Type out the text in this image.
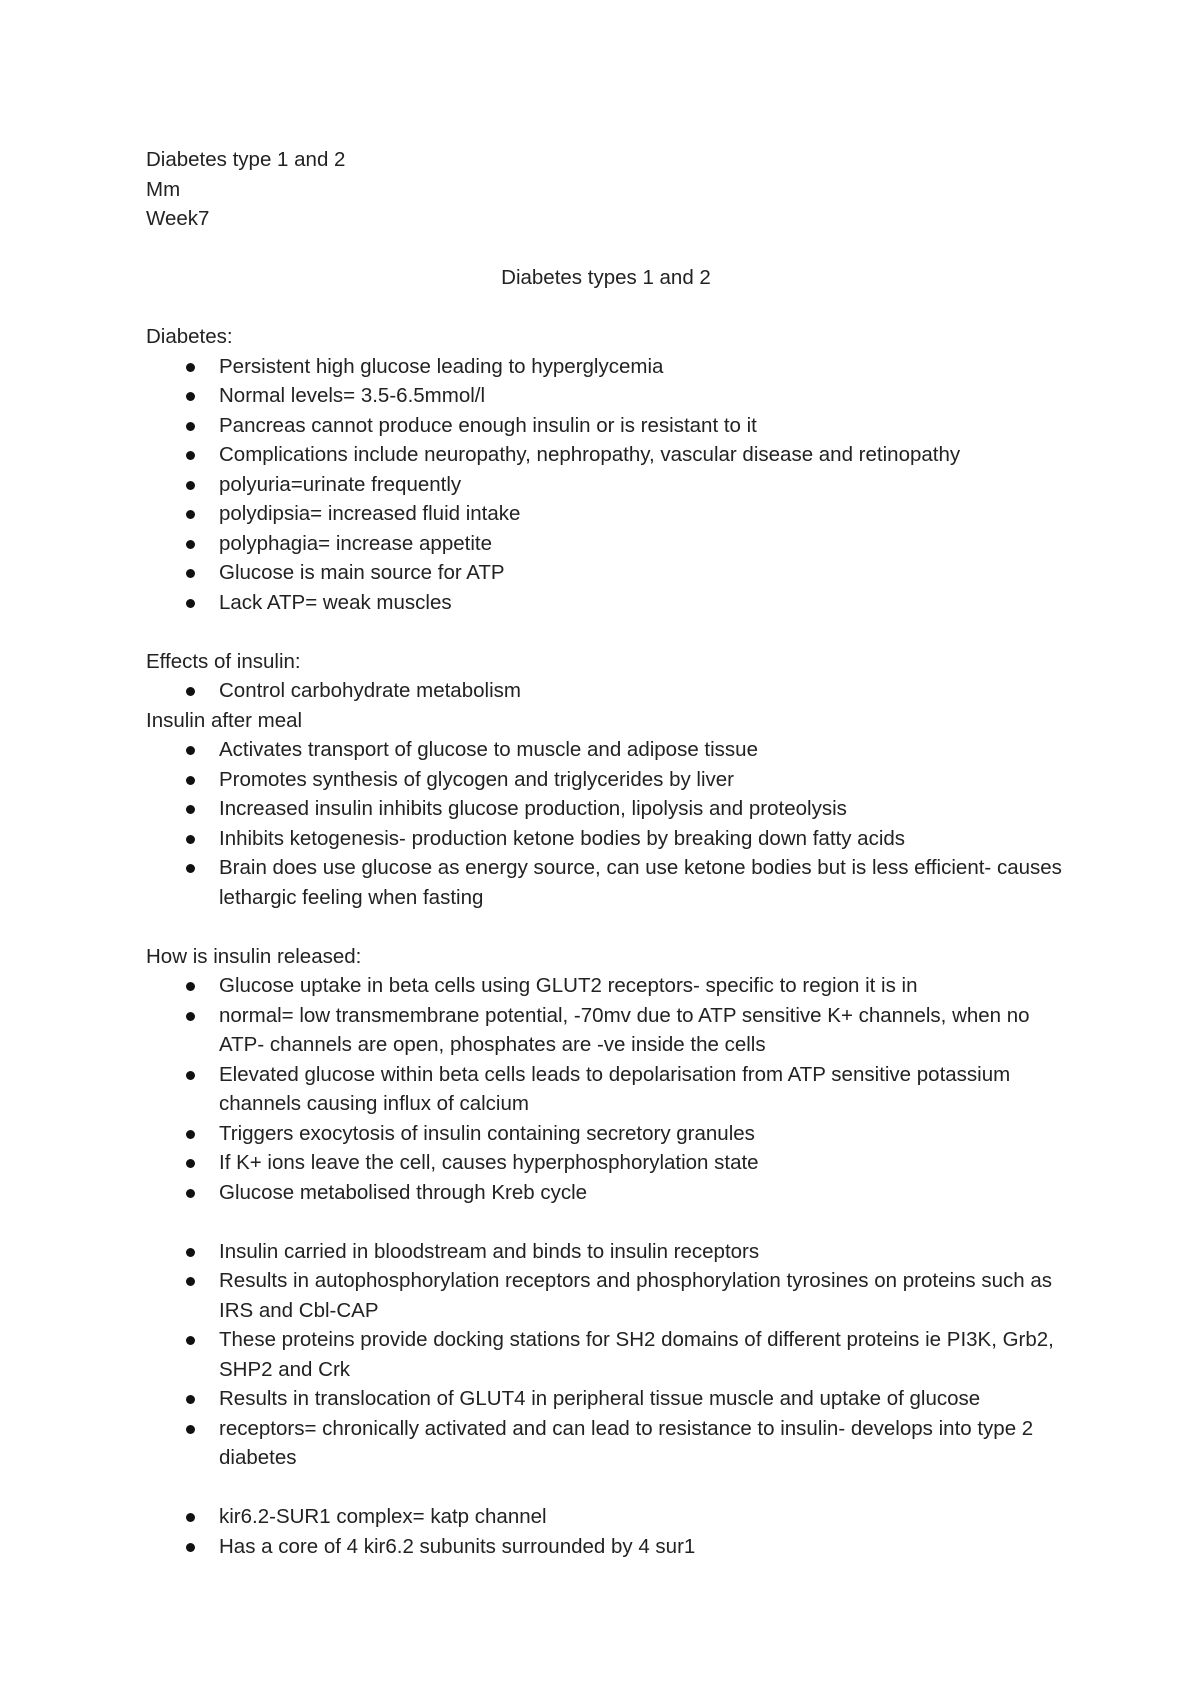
Diabetes type 1 and 2

Mm

Week7

Diabetes types 1 and 2

Diabetes:

Persistent high glucose leading to hyperglycemia
Normal levels= 3.5-6.5mmol/l
Pancreas cannot produce enough insulin or is resistant to it
Complications include neuropathy, nephropathy, vascular disease and retinopathy
polyuria=urinate frequently
polydipsia= increased fluid intake
polyphagia= increase appetite
Glucose is main source for ATP
Lack ATP= weak muscles

Effects of insulin:

Control carbohydrate metabolism

Insulin after meal

Activates transport of glucose to muscle and adipose tissue
Promotes synthesis of glycogen and triglycerides by liver
Increased insulin inhibits glucose production, lipolysis and proteolysis
Inhibits ketogenesis- production ketone bodies by breaking down fatty acids
Brain does use glucose as energy source, can use ketone bodies but is less efficient- causes lethargic feeling when fasting

How is insulin released:

Glucose uptake in beta cells using GLUT2 receptors- specific to region it is in
normal= low transmembrane potential, -70mv due to ATP sensitive K+ channels, when no ATP- channels are open, phosphates are -ve inside the cells
Elevated glucose within beta cells leads to depolarisation from ATP sensitive potassium channels causing influx of calcium
Triggers exocytosis of insulin containing secretory granules
If K+ ions leave the cell, causes hyperphosphorylation state
Glucose metabolised through Kreb cycle
Insulin carried in bloodstream and binds to insulin receptors
Results in autophosphorylation receptors and phosphorylation tyrosines on proteins such as IRS and Cbl-CAP
These proteins provide docking stations for SH2 domains of different proteins ie PI3K, Grb2, SHP2 and Crk
Results in translocation of GLUT4 in peripheral tissue muscle and uptake of glucose
receptors= chronically activated and can lead to resistance to insulin- develops into type 2 diabetes
kir6.2-SUR1 complex= katp channel
Has a core of 4 kir6.2 subunits surrounded by 4 sur1
